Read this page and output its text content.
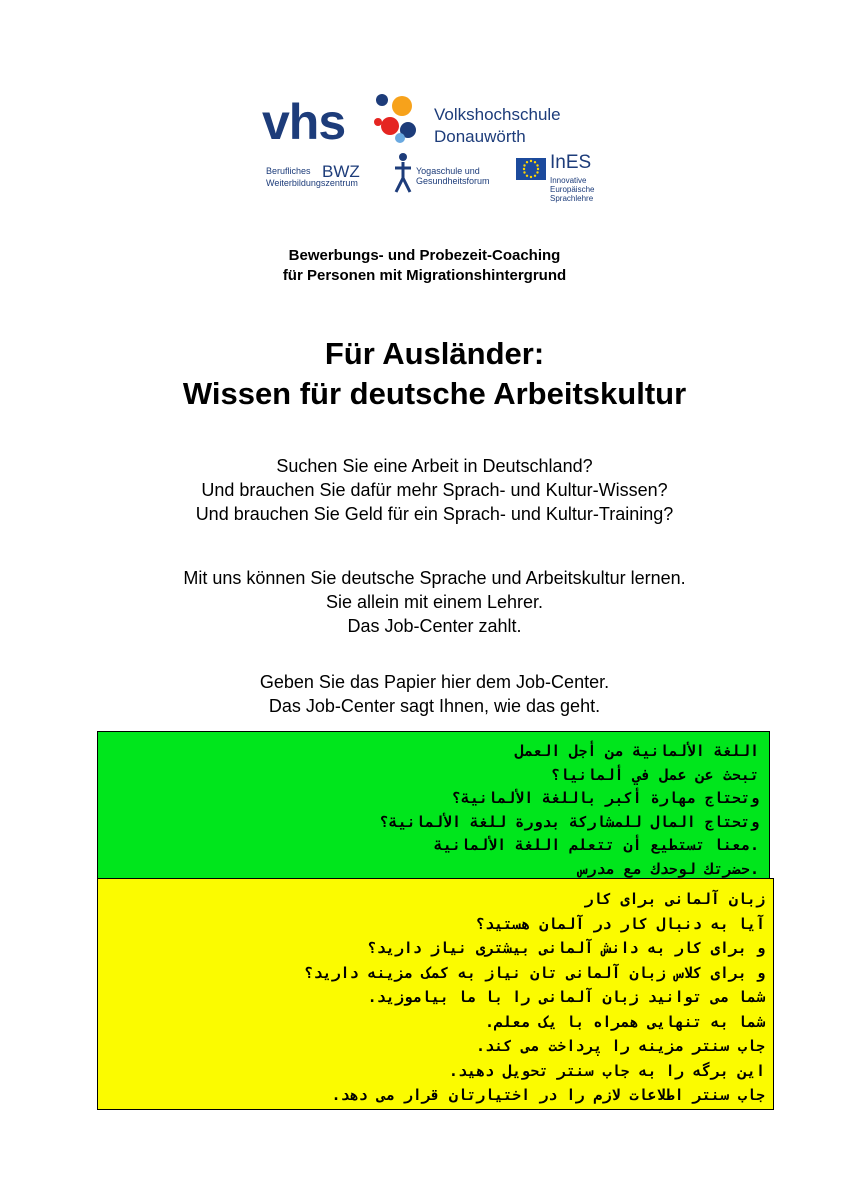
vhs	Volkshochschule
Donauwörth
Berufliches BWZ
Weiterbildungszentrum
Yogaschule und
Gesundheitsforum
InES
Innovative
Europäische
Sprachlehre
Bewerbungs- und Probezeit-Coaching
für Personen mit Migrationshintergrund
Für Ausländer:
Wissen für deutsche Arbeitskultur
Suchen Sie eine Arbeit in Deutschland?
Und brauchen Sie dafür mehr Sprach- und Kultur-Wissen?
Und brauchen Sie Geld für ein Sprach- und Kultur-Training?
Mit uns können Sie deutsche Sprache und Arbeitskultur lernen.
Sie allein mit einem Lehrer.
Das Job-Center zahlt.
Geben Sie das Papier hier dem Job-Center.
Das Job-Center sagt Ihnen, wie das geht.
اللغة الألمانية من أجل العمل
تبحث عن عمل في ألمانيا؟
وتحتاج مهارة أكبر باللغة الألمانية؟
وتحتاج المال للمشاركة بدورة للغة الألمانية؟
.معنا تستطيع أن تتعلم اللغة الألمانية
.حضرتك لوحدك مع مدرس
زبان آلمانی برای کار
آیا به دنبال کار در آلمان هستید؟
و برای کار به دانش آلمانی بیشتری نیاز دارید؟
و برای کلاس زبان آلمانی تان نیاز به کمک مزینه دارید؟
شما می توانید زبان آلمانی را با ما بیاموزید.
شما به تنهایی همراه با یک معلم.
جاب سنتر مزینه را پرداخت می کند.
این برگه را به جاب سنتر تحویل دهید.
جاب سنتر اطلاعات لازم را در اختیارتان قرار می دهد.
